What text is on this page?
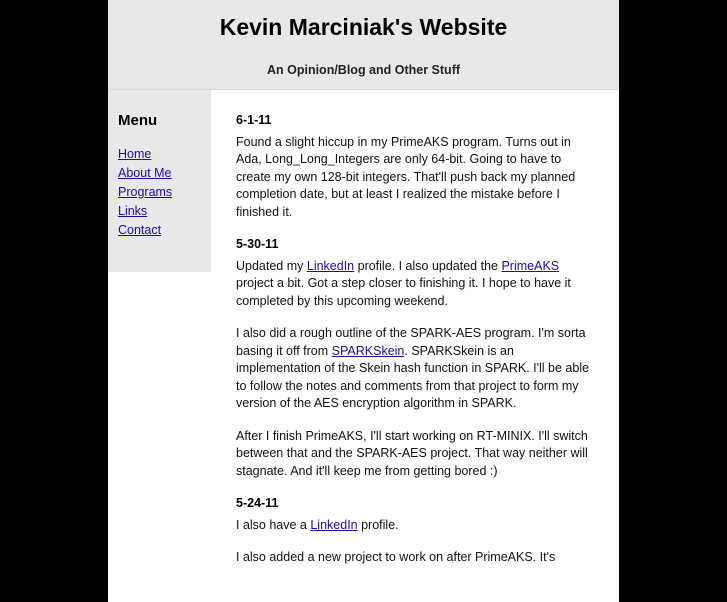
Kevin Marciniak's Website
An Opinion/Blog and Other Stuff
Menu
Home
About Me
Programs
Links
Contact
6-1-11

Found a slight hiccup in my PrimeAKS program. Turns out in Ada, Long_Long_Integers are only 64-bit. Going to have to create my own 128-bit integers. That'll push back my planned completion date, but at least I realized the mistake before I finished it.

5-30-11

Updated my LinkedIn profile. I also updated the PrimeAKS project a bit. Got a step closer to finishing it. I hope to have it completed by this upcoming weekend.

I also did a rough outline of the SPARK-AES program. I'm sorta basing it off from SPARKSkein. SPARKSkein is an implementation of the Skein hash function in SPARK. I'll be able to follow the notes and comments from that project to form my version of the AES encryption algorithm in SPARK.

After I finish PrimeAKS, I'll start working on RT-MINIX. I'll switch between that and the SPARK-AES project. That way neither will stagnate. And it'll keep me from getting bored :)

5-24-11

I also have a LinkedIn profile.

I also added a new project to work on after PrimeAKS. It's
